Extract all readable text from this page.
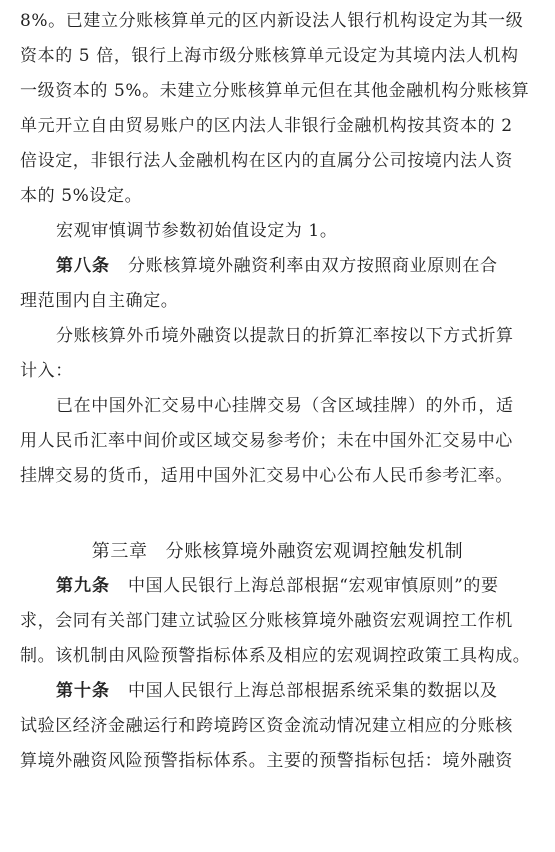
8%。已建立分账核算单元的区内新设法人银行机构设定为其一级
资本的 5 倍，银行上海市级分账核算单元设定为其境内法人机构
一级资本的 5%。未建立分账核算单元但在其他金融机构分账核算
单元开立自由贸易账户的区内法人非银行金融机构按其资本的 2
倍设定，非银行法人金融机构在区内的直属分公司按境内法人资
本的 5%设定。
宏观审慎调节参数初始值设定为 1。
第八条 分账核算境外融资利率由双方按照商业原则在合
理范围内自主确定。
分账核算外币境外融资以提款日的折算汇率按以下方式折算
计入：
已在中国外汇交易中心挂牌交易（含区域挂牌）的外币，适
用人民币汇率中间价或区域交易参考价；未在中国外汇交易中心
挂牌交易的货币，适用中国外汇交易中心公布人民币参考汇率。
第三章 分账核算境外融资宏观调控触发机制
第九条 中国人民银行上海总部根据“宏观审慎原则”的要
求，会同有关部门建立试验区分账核算境外融资宏观调控工作机
制。该机制由风险预警指标体系及相应的宏观调控政策工具构成。
第十条 中国人民银行上海总部根据系统采集的数据以及
试验区经济金融运行和跨境跨区资金流动情况建立相应的分账核
算境外融资风险预警指标体系。主要的预警指标包括：境外融资
